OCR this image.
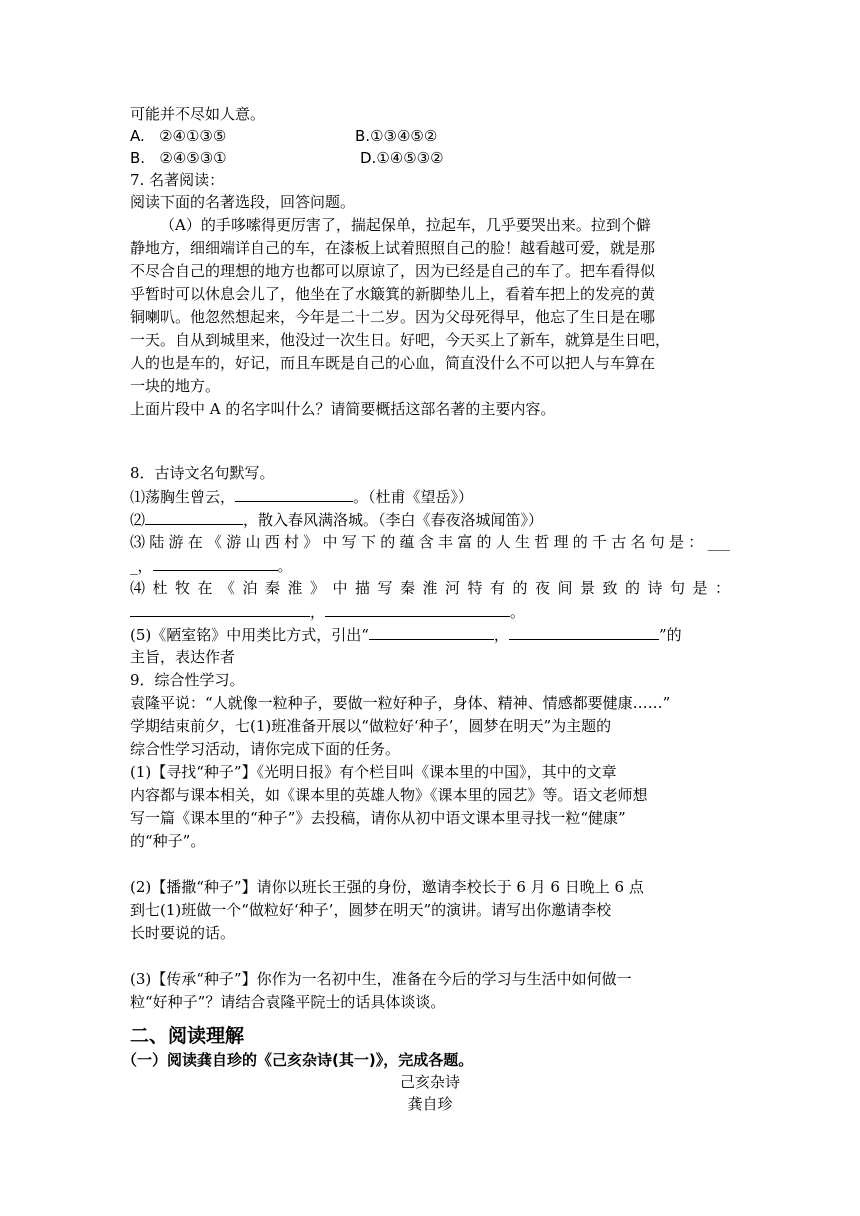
可能并不尽如人意。
A. ②④①③⑤	B.①③④⑤②
B. ②④⑤③①	D.①④⑤③②
7. 名著阅读：
阅读下面的名著选段，回答问题。
（A）的手哆嗦得更厉害了，揣起保单，拉起车，几乎要哭出来。拉到个僻
静地方，细细端详自己的车，在漆板上试着照照自己的脸！越看越可爱，就是那
不尽合自己的理想的地方也都可以原谅了，因为已经是自己的车了。把车看得似
乎暂时可以休息会儿了，他坐在了水簸箕的新脚垫儿上，看着车把上的发亮的黄
铜喇叭。他忽然想起来，今年是二十二岁。因为父母死得早，他忘了生日是在哪
一天。自从到城里来，他没过一次生日。好吧，今天买上了新车，就算是生日吧，
人的也是车的，好记，而且车既是自己的心血，简直没什么不可以把人与车算在
一块的地方。
上面片段中 A 的名字叫什么？请简要概括这部名著的主要内容。
8．古诗文名句默写。
⑴荡胸生曾云，	。（杜甫《望岳》）
⑵	，散入春风满洛城。（李白《春夜洛城闻笛》）
⑶陆游在《游山西村》中写下的蕴含丰富的人生哲理的千古名句是：___
_，	。
⑷杜牧在《泊秦淮》中描写秦淮河特有的夜间景致的诗句是：
，	。
(5)《陋室铭》中用类比方式，引出“	，	”的
主旨，表达作者
9．综合性学习。
袁隆平说：“人就像一粒种子，要做一粒好种子，身体、精神、情感都要健康……”
学期结束前夕，七(1)班准备开展以“做粒好‘种子’，圆梦在明天”为主题的
综合性学习活动，请你完成下面的任务。
(1)【寻找“种子”】《光明日报》有个栏目叫《课本里的中国》，其中的文章
内容都与课本相关，如《课本里的英雄人物》《课本里的园艺》等。语文老师想
写一篇《课本里的“种子”》去投稿，请你从初中语文课本里寻找一粒“健康”
的“种子”。
(2)【播撒“种子”】请你以班长王强的身份，邀请李校长于 6 月 6 日晚上 6 点
到七(1)班做一个“做粒好‘种子’，圆梦在明天”的演讲。请写出你邀请李校
长时要说的话。
(3)【传承“种子”】你作为一名初中生，准备在今后的学习与生活中如何做一
粒“好种子”？请结合袁隆平院士的话具体谈谈。
二、阅读理解
（一）阅读龚自珍的《己亥杂诗(其一)》，完成各题。
己亥杂诗
龚自珍
